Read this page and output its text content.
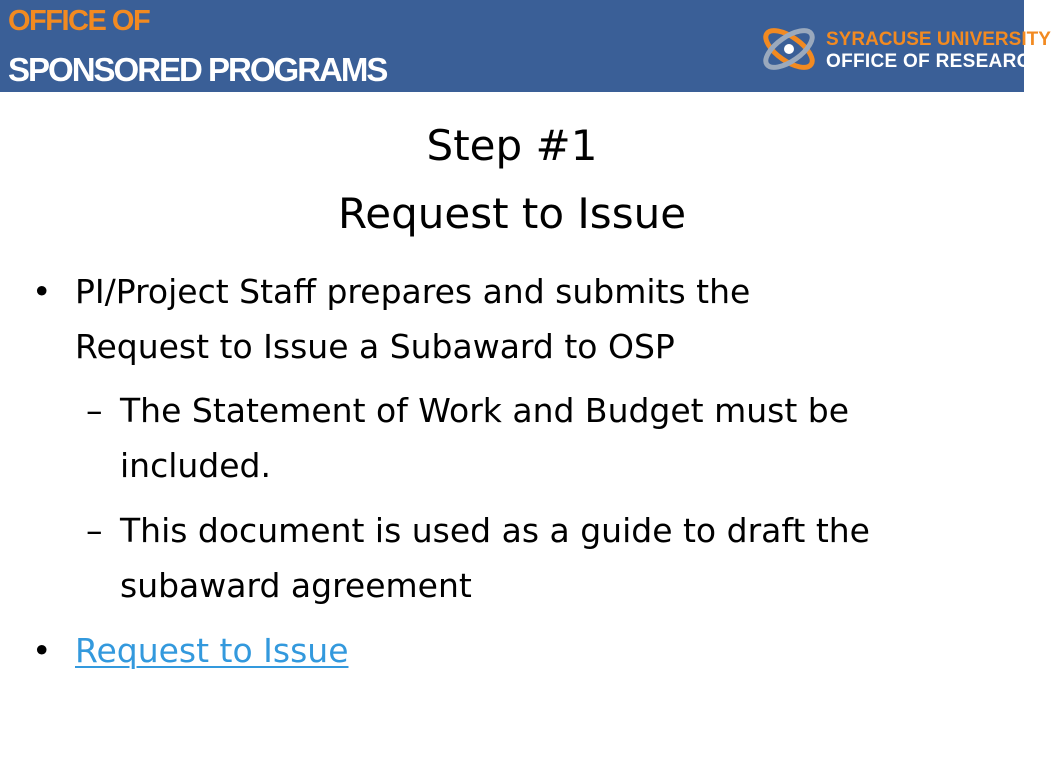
OFFICE OF
SPONSORED PROGRAMS
SYRACUSE UNIVERSITY
OFFICE OF RESEARCH
Step #1
Request to Issue
• PI/Project Staff prepares and submits the
Request to Issue a Subaward to OSP
– The Statement of Work and Budget must be
included.
– This document is used as a guide to draft the
subaward agreement
• Request to Issue
